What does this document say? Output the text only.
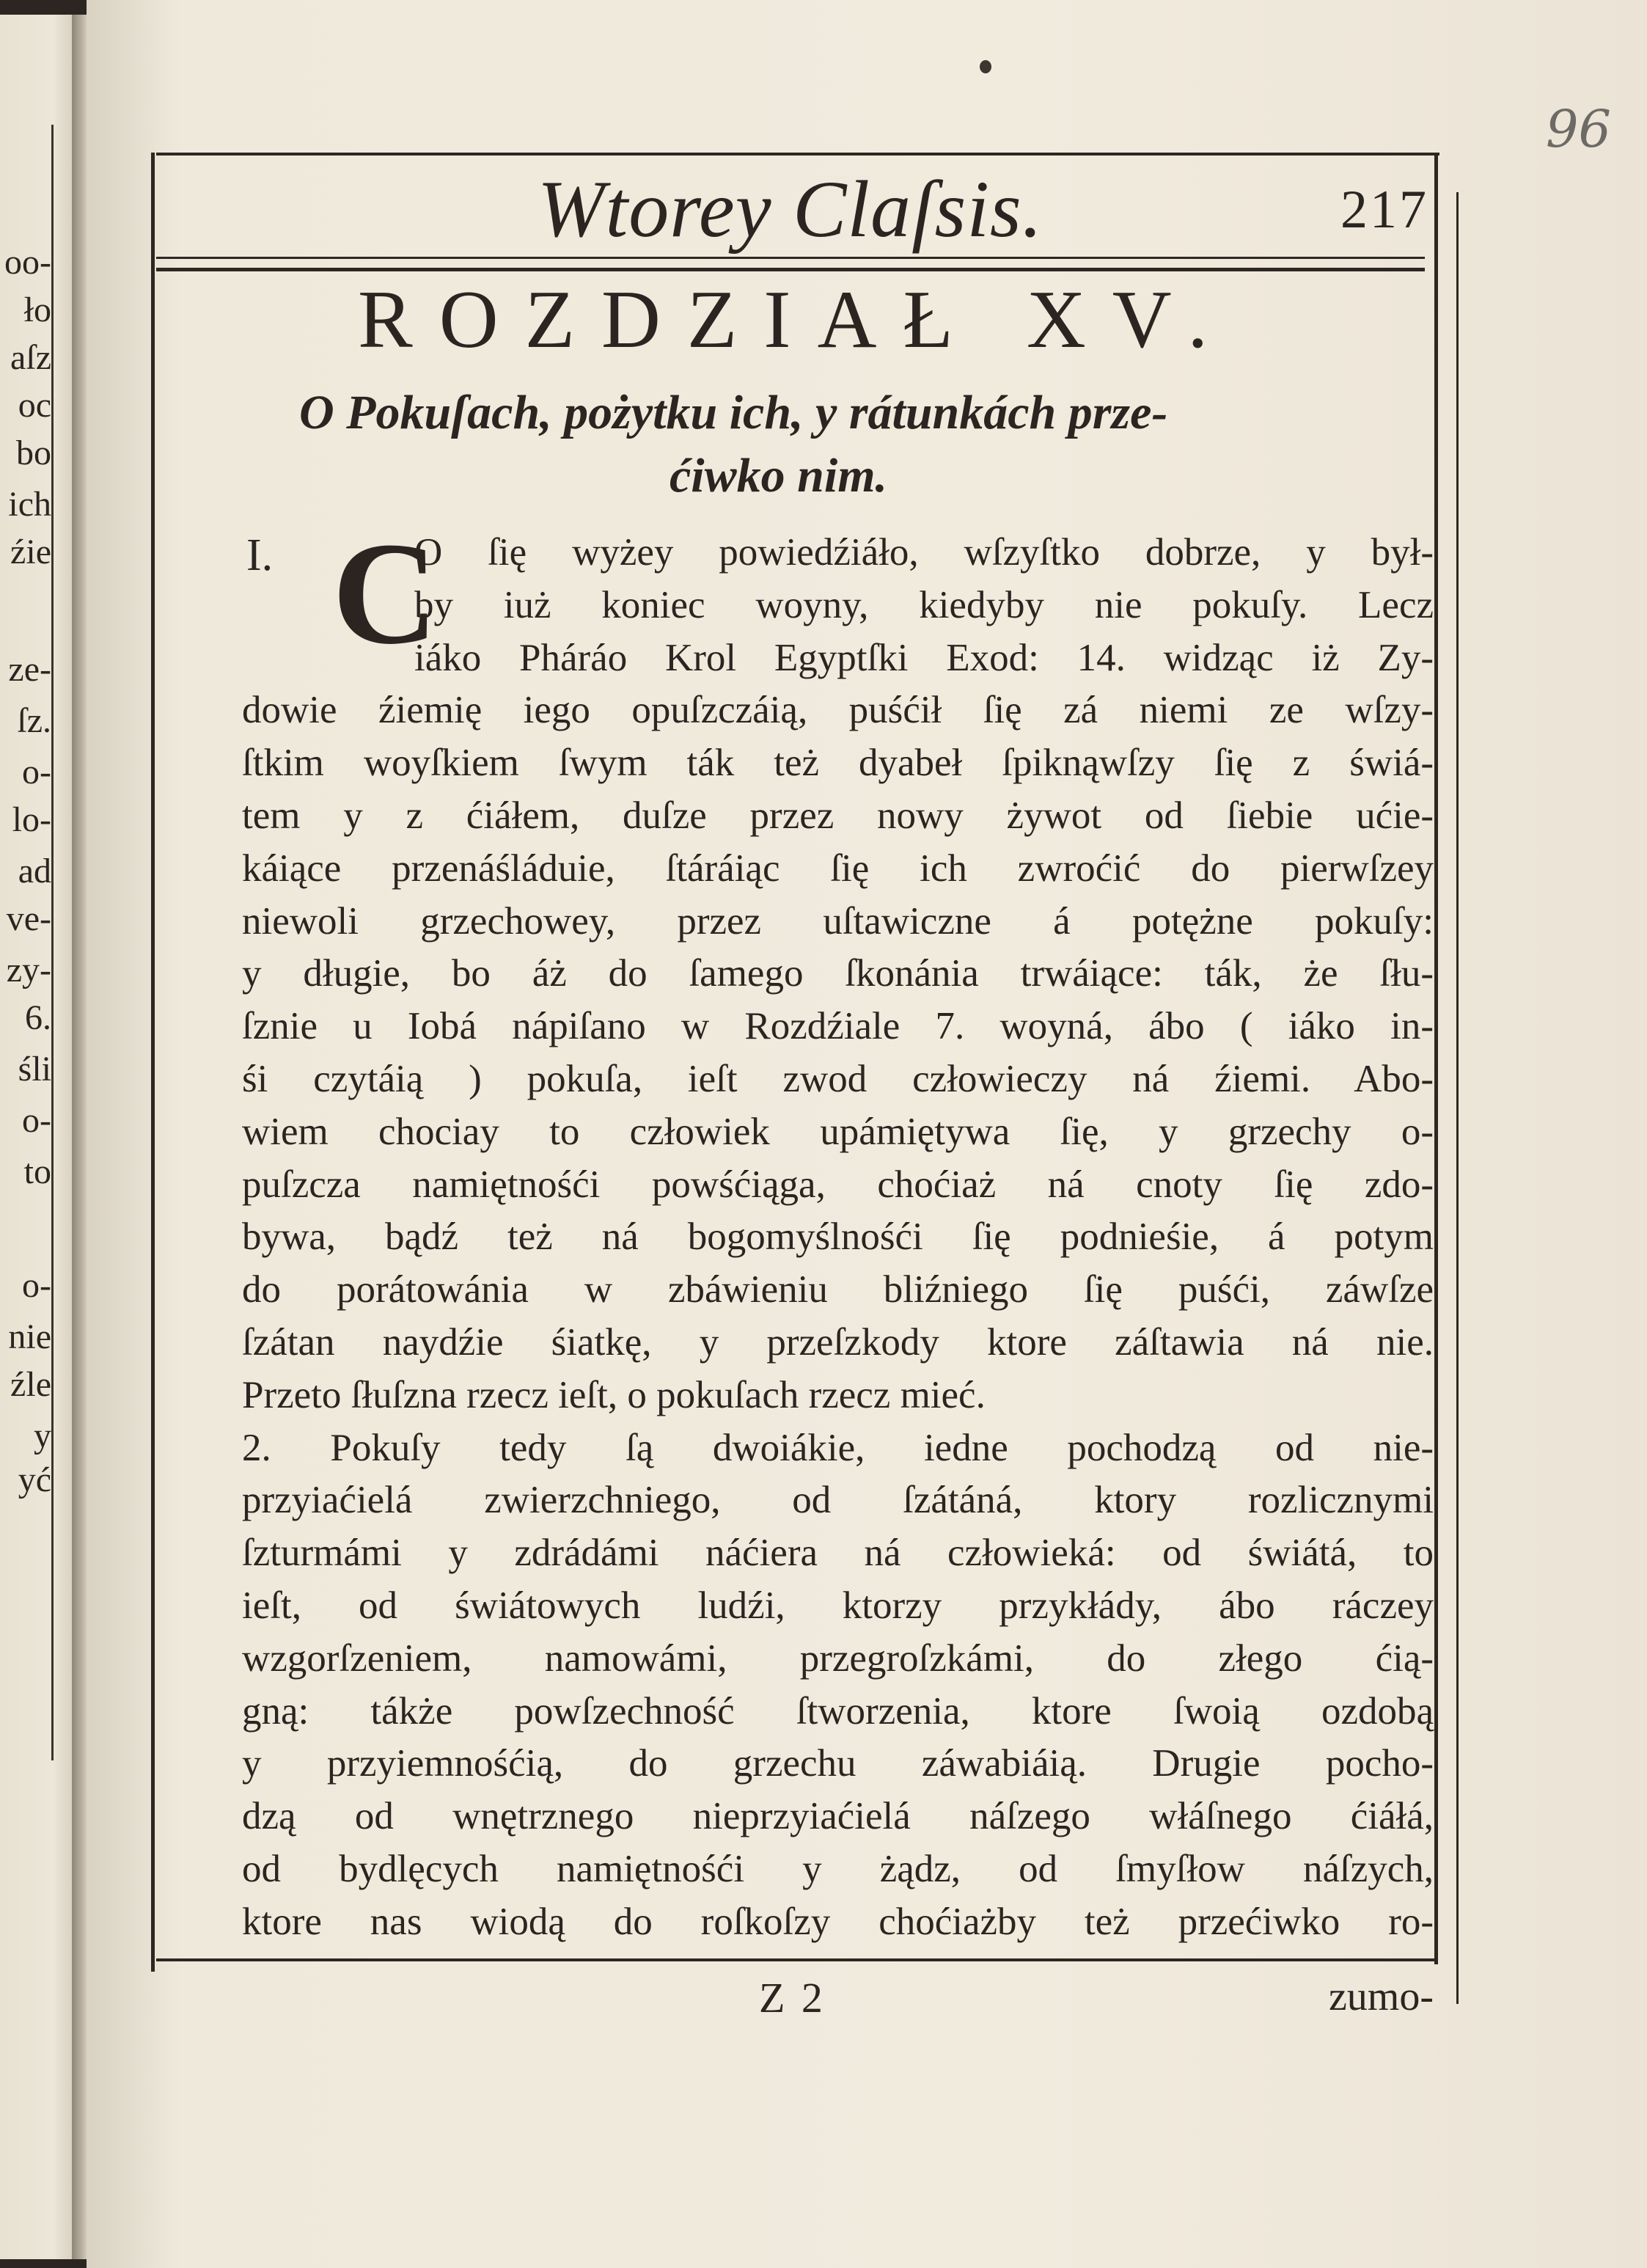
oo-
ło
aſz
oc
bo
ich
źie
ze-
ſz.
o-
lo-
ad
ve-
zy-
6.
śli
o-
to
o-
nie
źle
y
yć
96
Wtorey Claſsis.	217
ROZDZIAŁ XV.
O Pokuſach, pożytku ich, y rátunkách prze-
ćiwko nim.
I. C
O ſię wyżey powiedźiáło, wſzyſtko dobrze, y był-
by iuż koniec woyny, kiedyby nie pokuſy. Lecz
iáko Pháráo Krol Egyptſki Exod: 14. widząc iż Zy-
dowie źiemię iego opuſzczáią, puśćił ſię zá niemi ze wſzy-
ſtkim woyſkiem ſwym ták też dyabeł ſpiknąwſzy ſię z świá-
tem y z ćiáłem, duſze przez nowy żywot od ſiebie ućie-
káiące przenáśláduie, ſtáráiąc ſię ich zwroćić do pierwſzey
niewoli grzechowey, przez uſtawiczne á potężne pokuſy:
y długie, bo áż do ſamego ſkonánia trwáiące: ták, że ſłu-
ſznie u Iobá nápiſano w Rozdźiale 7. woyná, ábo ( iáko in-
śi czytáią ) pokuſa, ieſt zwod człowieczy ná źiemi. Abo-
wiem chociay to człowiek upámiętywa ſię, y grzechy o-
puſzcza namiętnośći powśćiąga, choćiaż ná cnoty ſię zdo-
bywa, bądź też ná bogomyślnośći ſię podnieśie, á potym
do porátowánia w zbáwieniu bliźniego ſię puśći, záwſze
ſzátan naydźie śiatkę, y przeſzkody ktore záſtawia ná nie.
Przeto ſłuſzna rzecz ieſt, o pokuſach rzecz mieć.
2. Pokuſy tedy ſą dwoiákie, iedne pochodzą od nie-
przyiaćielá zwierzchniego, od ſzátáná, ktory rozlicznymi
ſzturmámi y zdrádámi náćiera ná człowieká: od świátá, to
ieſt, od świátowych ludźi, ktorzy przykłády, ábo ráczey
wzgorſzeniem, namowámi, przegroſzkámi, do złego ćią-
gną: tákże powſzechność ſtworzenia, ktore ſwoią ozdobą
y przyiemnośćią, do grzechu záwabiáią. Drugie pocho-
dzą od wnętrznego nieprzyiaćielá náſzego włáſnego ćiáłá,
od bydlęcych namiętnośći y żądz, od ſmyſłow náſzych,
ktore nas wiodą do roſkoſzy choćiażby też przećiwko ro-
Z 2	zumo-
